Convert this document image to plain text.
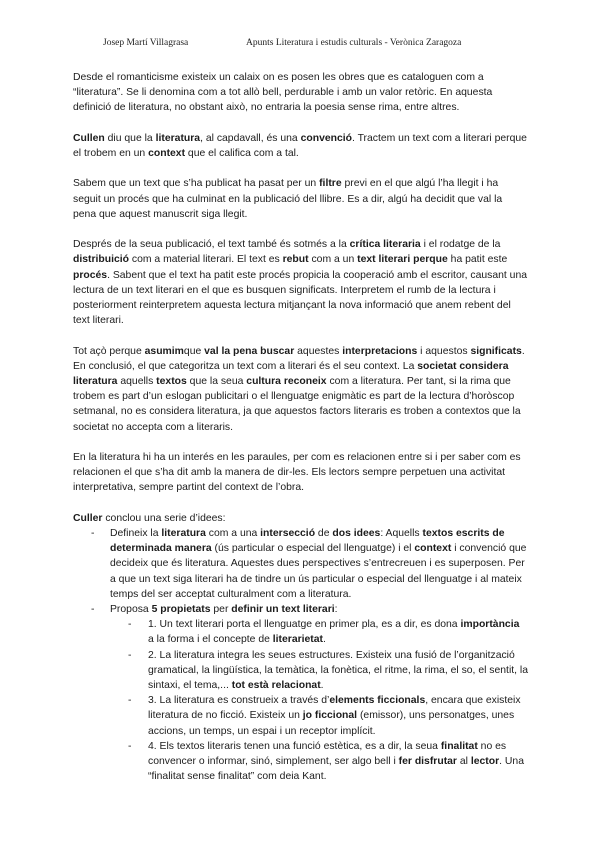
Josep Martí Villagrasa	Apunts Literatura i estudis culturals - Verònica Zaragoza

Desde el romanticisme existeix un calaix on es posen les obres que es cataloguen com a “literatura”. Se li denomina com a tot allò bell, perdurable i amb un valor retòric. En aquesta definició de literatura, no obstant això, no entraria la poesia sense rima, entre altres.

Cullen diu que la literatura, al capdavall, és una convenció. Tractem un text com a literari perque el trobem en un context que el califica com a tal.

Sabem que un text que s’ha publicat ha pasat per un filtre previ en el que algú l’ha llegit i ha seguit un procés que ha culminat en la publicació del llibre. Es a dir, algú ha decidit que val la pena que aquest manuscrit siga llegit.

Després de la seua publicació, el text també és sotmés a la crítica literaria i el rodatge de la distribuició com a material literari. El text es rebut com a un text literari perque ha patit este procés. Sabent que el text ha patit este procés propicia la cooperació amb el escritor, causant una lectura de un text literari en el que es busquen significats. Interpretem el rumb de la lectura i posteriorment reinterpretem aquesta lectura mitjançant la nova informació que anem rebent del text literari.

Tot açò perque asumimque val la pena buscar aquestes interpretacions i aquestos significats. En conclusió, el que categoritza un text com a literari és el seu context. La societat considera literatura aquells textos que la seua cultura reconeix com a literatura. Per tant, si la rima que trobem es part d’un eslogan publicitari o el llenguatge enigmàtic es part de la lectura d’horòscop setmanal, no es considera literatura, ja que aquestos factors literaris es troben a contextos que la societat no accepta com a literaris.

En la literatura hi ha un interés en les paraules, per com es relacionen entre si i per saber com es relacionen el que s’ha dit amb la manera de dir-les. Els lectors sempre perpetuen una activitat interpretativa, sempre partint del context de l’obra.

Culler conclou una serie d’idees:
- Defineix la literatura com a una intersecció de dos idees: Aquells textos escrits de determinada manera (ús particular o especial del llenguatge) i el context i convenció que decideix que és literatura. Aquestes dues perspectives s’entrecreuen i es superposen. Per a que un text siga literari ha de tindre un ús particular o especial del llenguatge i al mateix temps del ser acceptat culturalment com a literatura.
- Proposa 5 propietats per definir un text literari:
- 1. Un text literari porta el llenguatge en primer pla, es a dir, es dona importància a la forma i el concepte de literarietat.
- 2. La literatura integra les seues estructures. Existeix una fusió de l’organització gramatical, la lingüística, la temàtica, la fonètica, el ritme, la rima, el so, el sentit, la sintaxi, el tema,... tot està relacionat.
- 3. La literatura es construeix a través d’elements ficcionals, encara que existeix literatura de no ficció. Existeix un jo ficcional (emissor), uns personatges, unes accions, un temps, un espai i un receptor implícit.
- 4. Els textos literaris tenen una funció estètica, es a dir, la seua finalitat no es convencer o informar, sinó, simplement, ser algo bell i fer disfrutar al lector. Una “finalitat sense finalitat” com deia Kant.
